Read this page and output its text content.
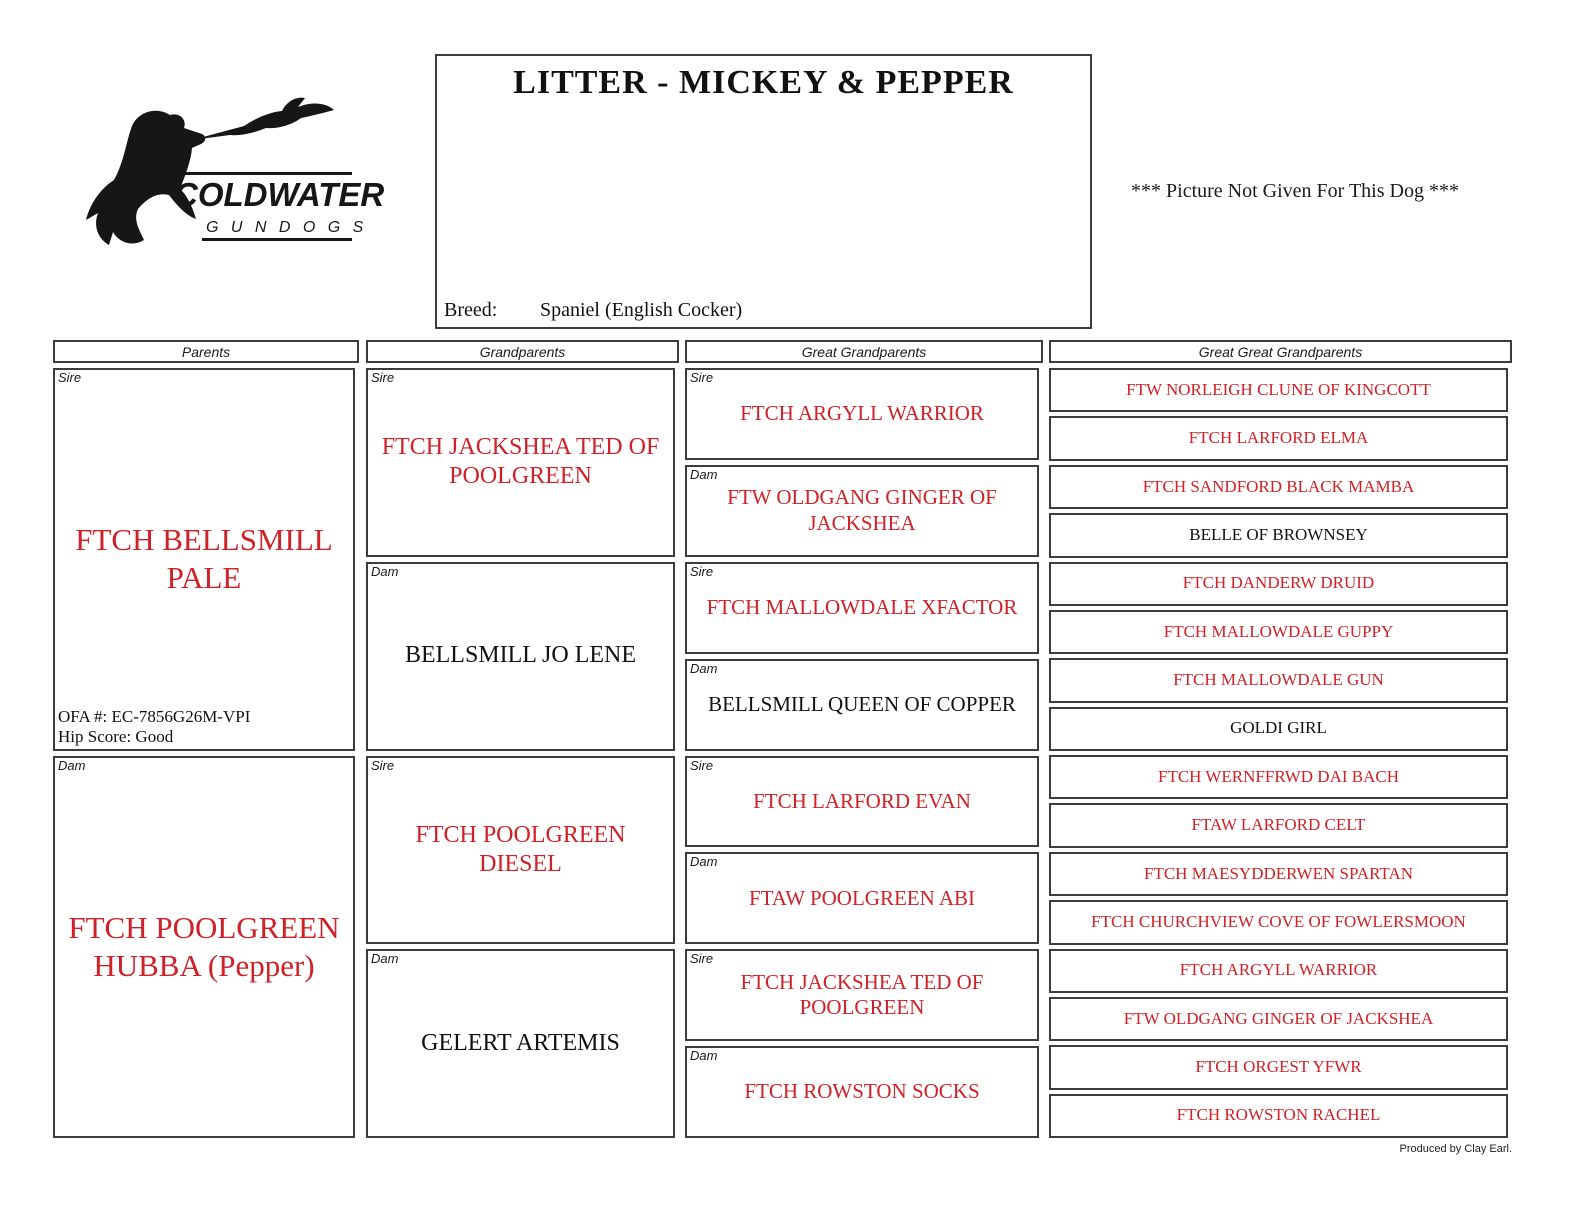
COLDWATER
G U N D O G S
LITTER - MICKEY & PEPPER
Breed: Spaniel (English Cocker)
*** Picture Not Given For This Dog ***
Parents	Grandparents	Great Grandparents	Great Great Grandparents
Sire
FTCH BELLSMILL PALE
OFA #: EC-7856G26M-VPI
Hip Score: Good
Dam
FTCH POOLGREEN HUBBA (Pepper)
Sire
FTCH JACKSHEA TED OF POOLGREEN
Dam
BELLSMILL JO LENE
Sire
FTCH POOLGREEN DIESEL
Dam
GELERT ARTEMIS
Sire
FTCH ARGYLL WARRIOR
Dam
FTW OLDGANG GINGER OF JACKSHEA
Sire
FTCH MALLOWDALE XFACTOR
Dam
BELLSMILL QUEEN OF COPPER
Sire
FTCH LARFORD EVAN
Dam
FTAW POOLGREEN ABI
Sire
FTCH JACKSHEA TED OF POOLGREEN
Dam
FTCH ROWSTON SOCKS
FTW NORLEIGH CLUNE OF KINGCOTT
FTCH LARFORD ELMA
FTCH SANDFORD BLACK MAMBA
BELLE OF BROWNSEY
FTCH DANDERW DRUID
FTCH MALLOWDALE GUPPY
FTCH MALLOWDALE GUN
GOLDI GIRL
FTCH WERNFFRWD DAI BACH
FTAW LARFORD CELT
FTCH MAESYDDERWEN SPARTAN
FTCH CHURCHVIEW COVE OF FOWLERSMOON
FTCH ARGYLL WARRIOR
FTW OLDGANG GINGER OF JACKSHEA
FTCH ORGEST YFWR
FTCH ROWSTON RACHEL
Produced by Clay Earl.
